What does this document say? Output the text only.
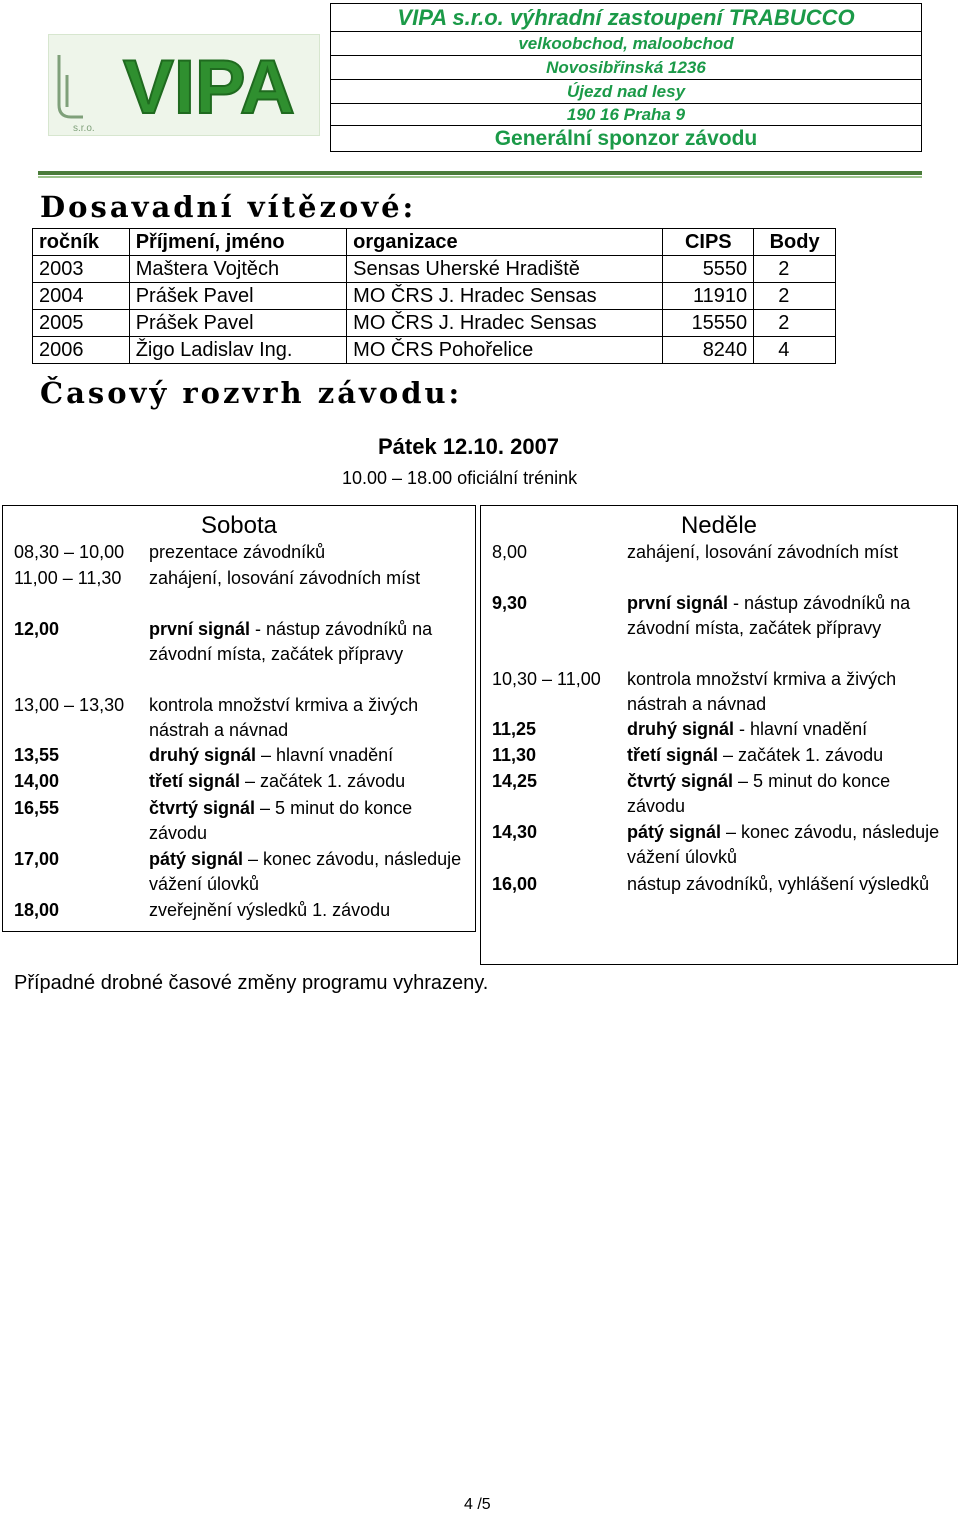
VIPA
s.r.o.
VIPA s.r.o. výhradní zastoupení TRABUCCO
velkoobchod, maloobchod
Novosibřinská 1236
Újezd nad lesy
190 16 Praha 9
Generální sponzor závodu
Dosavadní vítězové:
ročník	Příjmení, jméno	organizace	CIPS	Body
2003	Maštera Vojtěch	Sensas Uherské Hradiště	5550	2
2004	Prášek Pavel	MO ČRS J. Hradec Sensas	11910	2
2005	Prášek Pavel	MO ČRS J. Hradec Sensas	15550	2
2006	Žigo Ladislav Ing.	MO ČRS Pohořelice	8240	4
Časový rozvrh závodu:
Pátek 12.10. 2007
10.00 – 18.00 oficiální trénink
Sobota
08,30 – 10,00 prezentace závodníků
11,00 – 11,30 zahájení, losování závodních míst
12,00	první signál - nástup závodníků na závodní místa, začátek přípravy
13,00 – 13,30 kontrola množství krmiva a živých nástrah a návnad
13,55	druhý signál – hlavní vnadění
14,00	třetí signál – začátek 1. závodu
16,55	čtvrtý signál – 5 minut do konce závodu
17,00	pátý signál – konec závodu, následuje vážení úlovků
18,00	zveřejnění výsledků 1. závodu
Neděle
8,00	zahájení, losování závodních míst
9,30	první signál - nástup závodníků na závodní místa, začátek přípravy
10,30 – 11,00 kontrola množství krmiva a živých nástrah a návnad
11,25	druhý signál - hlavní vnadění
11,30	třetí signál – začátek 1. závodu
14,25	čtvrtý signál – 5 minut do konce závodu
14,30	pátý signál – konec závodu, následuje vážení úlovků
16,00	nástup závodníků, vyhlášení výsledků
Případné drobné časové změny programu vyhrazeny.
4 /5
